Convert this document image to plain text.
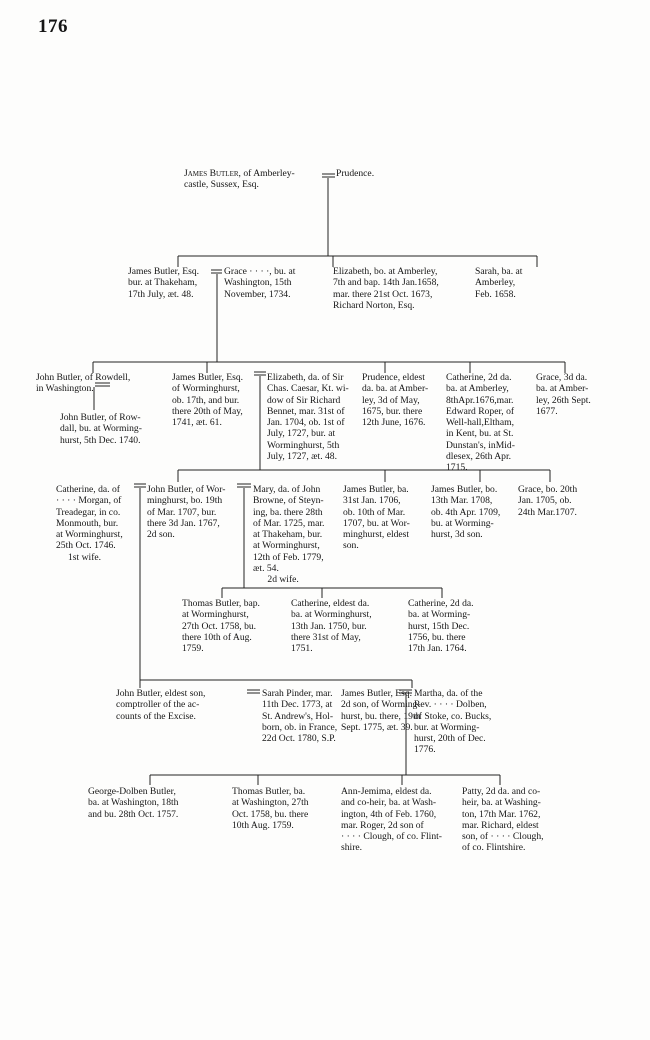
176
James Butler, of Amberley-
castle, Sussex, Esq.
Prudence.
James Butler, Esq.
bur. at Thakeham,
17th July, æt. 48.
Grace · · · ·, bu. at
Washington, 15th
November, 1734.
Elizabeth, bo. at Amberley,
7th and bap. 14th Jan.1658,
mar. there 21st Oct. 1673,
Richard Norton, Esq.
Sarah, ba. at
Amberley,
Feb. 1658.
John Butler, of Rowdell,
in Washington.
John Butler, of Row-
dall, bu. at Worming-
hurst, 5th Dec. 1740.
James Butler, Esq.
of Worminghurst,
ob. 17th, and bur.
there 20th of May,
1741, æt. 61.
Elizabeth, da. of Sir
Chas. Caesar, Kt. wi-
dow of Sir Richard
Bennet, mar. 31st of
Jan. 1704, ob. 1st of
July, 1727, bur. at
Worminghurst, 5th
July, 1727, æt. 48.
Prudence, eldest
da. ba. at Amber-
ley, 3d of May,
1675, bur. there
12th June, 1676.
Catherine, 2d da.
ba. at Amberley,
8thApr.1676,mar.
Edward Roper, of
Well-hall,Eltham,
in Kent, bu. at St.
Dunstan's, inMid-
dlesex, 26th Apr.
1715.
Grace, 3d da.
ba. at Amber-
ley, 26th Sept.
1677.
Catherine, da. of
· · · · Morgan, of
Treadegar, in co.
Monmouth, bur.
at Worminghurst,
25th Oct. 1746.
1st wife.
John Butler, of Wor-
minghurst, bo. 19th
of Mar. 1707, bur.
there 3d Jan. 1767,
2d son.
Mary, da. of John
Browne, of Steyn-
ing, ba. there 28th
of Mar. 1725, mar.
at Thakeham, bur.
at Worminghurst,
12th of Feb. 1779,
æt. 54.
2d wife.
James Butler, ba.
31st Jan. 1706,
ob. 10th of Mar.
1707, bu. at Wor-
minghurst, eldest
son.
James Butler, bo.
13th Mar. 1708,
ob. 4th Apr. 1709,
bu. at Worming-
hurst, 3d son.
Grace, bo. 20th
Jan. 1705, ob.
24th Mar.1707.
Thomas Butler, bap.
at Worminghurst,
27th Oct. 1758, bu.
there 10th of Aug.
1759.
Catherine, eldest da.
ba. at Worminghurst,
13th Jan. 1750, bur.
there 31st of May,
1751.
Catherine, 2d da.
ba. at Worming-
hurst, 15th Dec.
1756, bu. there
17th Jan. 1764.
John Butler, eldest son,
comptroller of the ac-
counts of the Excise.
Sarah Pinder, mar.
11th Dec. 1773, at
St. Andrew's, Hol-
born, ob. in France,
22d Oct. 1780, S.P.
James Butler, Esq.
2d son, of Worming-
hurst, bu. there, 19th
Sept. 1775, æt. 39.
Martha, da. of the
Rev. · · · · Dolben,
of Stoke, co. Bucks,
bur. at Worming-
hurst, 20th of Dec.
1776.
George-Dolben Butler,
ba. at Washington, 18th
and bu. 28th Oct. 1757.
Thomas Butler, ba.
at Washington, 27th
Oct. 1758, bu. there
10th Aug. 1759.
Ann-Jemima, eldest da.
and co-heir, ba. at Wash-
ington, 4th of Feb. 1760,
mar. Roger, 2d son of
· · · · Clough, of co. Flint-
shire.
Patty, 2d da. and co-
heir, ba. at Washing-
ton, 17th Mar. 1762,
mar. Richard, eldest
son, of · · · · Clough,
of co. Flintshire.
